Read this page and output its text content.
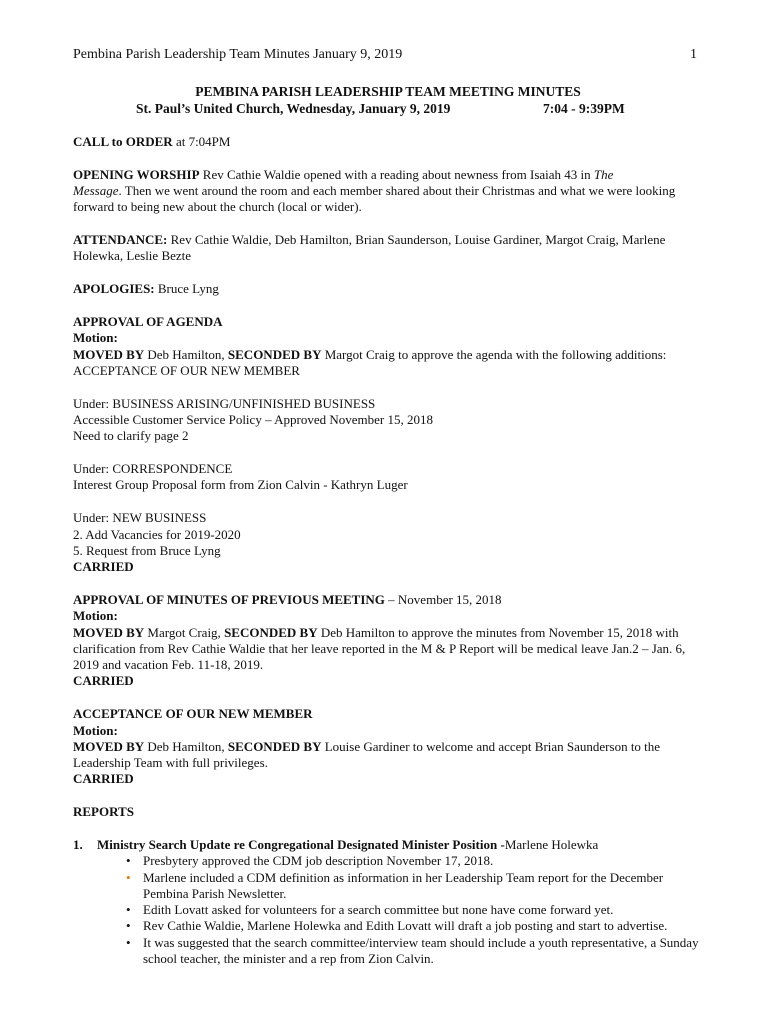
Pembina Parish Leadership Team Minutes January 9, 2019	1
PEMBINA PARISH LEADERSHIP TEAM MEETING MINUTES
St. Paul’s United Church, Wednesday, January 9, 2019	7:04 - 9:39PM

CALL to ORDER at 7:04PM

OPENING WORSHIP Rev Cathie Waldie opened with a reading about newness from Isaiah 43 in The
Message. Then we went around the room and each member shared about their Christmas and what we were looking forward to being new about the church (local or wider).

ATTENDANCE: Rev Cathie Waldie, Deb Hamilton, Brian Saunderson, Louise Gardiner, Margot Craig, Marlene Holewka, Leslie Bezte

APOLOGIES: Bruce Lyng

APPROVAL OF AGENDA
Motion:
MOVED BY Deb Hamilton, SECONDED BY Margot Craig to approve the agenda with the following additions:

ACCEPTANCE OF OUR NEW MEMBER

Under: BUSINESS ARISING/UNFINISHED BUSINESS
Accessible Customer Service Policy – Approved November 15, 2018
Need to clarify page 2

Under: CORRESPONDENCE
Interest Group Proposal form from Zion Calvin - Kathryn Luger

Under: NEW BUSINESS
2. Add Vacancies for 2019-2020
5. Request from Bruce Lyng
CARRIED

APPROVAL OF MINUTES OF PREVIOUS MEETING – November 15, 2018
Motion:
MOVED BY Margot Craig, SECONDED BY Deb Hamilton to approve the minutes from November 15, 2018 with clarification from Rev Cathie Waldie that her leave reported in the M & P Report will be medical leave Jan.2 – Jan. 6, 2019 and vacation Feb. 11-18, 2019.

CARRIED

ACCEPTANCE OF OUR NEW MEMBER
Motion:
MOVED BY Deb Hamilton, SECONDED BY Louise Gardiner to welcome and accept Brian Saunderson to the Leadership Team with full privileges.

CARRIED

REPORTS

1.	Ministry Search Update re Congregational Designated Minister Position -Marlene Holewka
• Presbytery approved the CDM job description November 17, 2018.
• Marlene included a CDM definition as information in her Leadership Team report for the December Pembina Parish Newsletter.
• Edith Lovatt asked for volunteers for a search committee but none have come forward yet.
• Rev Cathie Waldie, Marlene Holewka and Edith Lovatt will draft a job posting and start to advertise.
• It was suggested that the search committee/interview team should include a youth representative, a Sunday school teacher, the minister and a rep from Zion Calvin.
